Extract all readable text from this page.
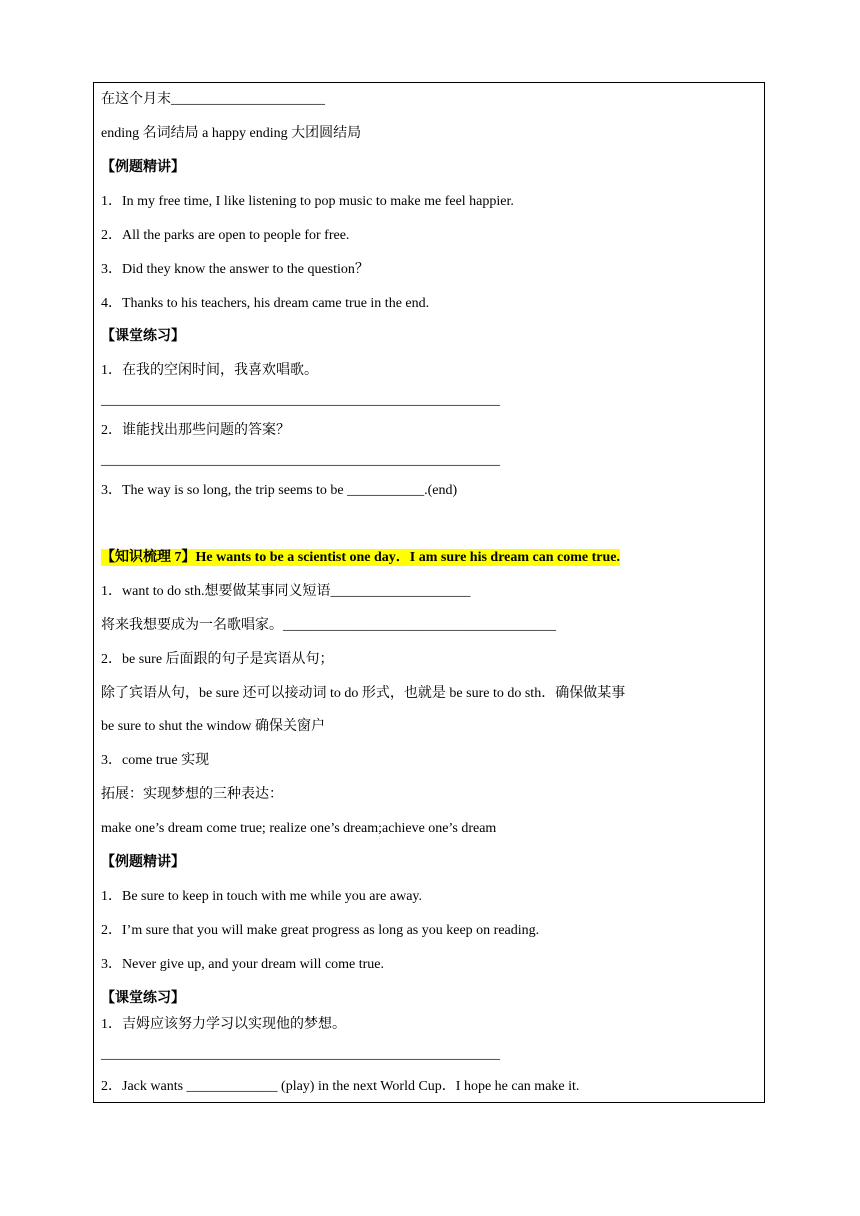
在这个月末______________________
ending 名词结局 a happy ending 大团圆结局
【例题精讲】
1．In my free time, I like listening to pop music to make me feel happier.
2．All the parks are open to people for free.
3．Did they know the answer to the question？
4．Thanks to his teachers, his dream came true in the end.
【课堂练习】
1．在我的空闲时间，我喜欢唱歌。
_________________________________________________________
2．谁能找出那些问题的答案？
_________________________________________________________
3．The way is so long, the trip seems to be ___________.(end)
【知识梳理 7】He wants to be a scientist one day．I am sure his dream can come true.
1．want to do sth.想要做某事同义短语____________________
将来我想要成为一名歌唱家。_______________________________________
2．be sure 后面跟的句子是宾语从句；
除了宾语从句，be sure 还可以接动词 to do 形式，也就是 be sure to do sth．确保做某事
be sure to shut the window 确保关窗户
3．come true 实现
拓展：实现梦想的三种表达：
make one’s dream come true; realize one’s dream;achieve one’s dream
【例题精讲】
1．Be sure to keep in touch with me while you are away.
2．I’m sure that you will make great progress as long as you keep on reading.
3．Never give up, and your dream will come true.
【课堂练习】
1．吉姆应该努力学习以实现他的梦想。
_________________________________________________________
2．Jack wants _____________ (play) in the next World Cup．I hope he can make it.
